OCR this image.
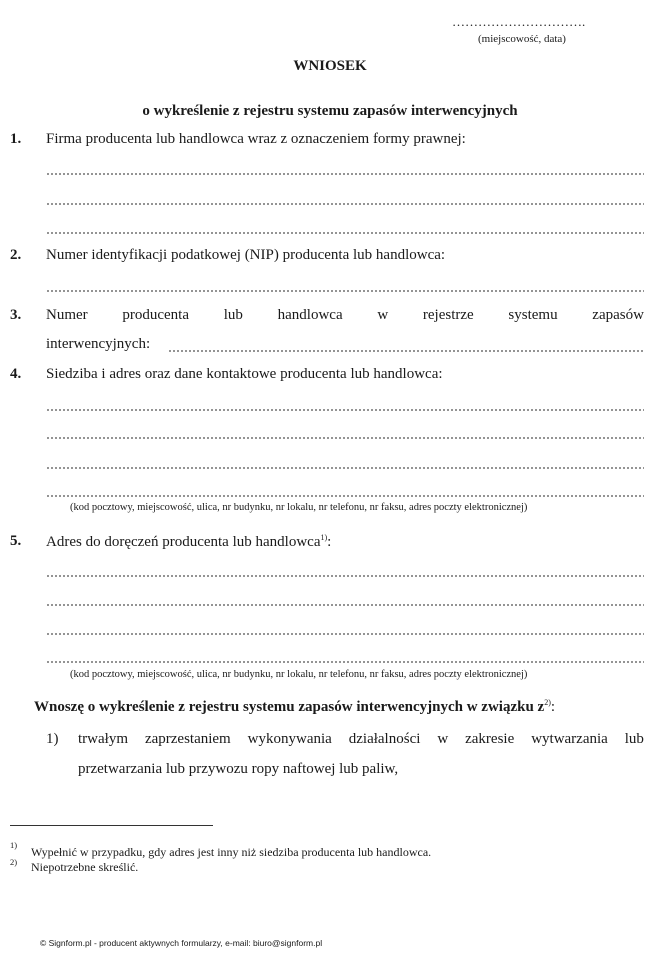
………………………….
(miejscowość, data)
WNIOSEK
o wykreślenie z rejestru systemu zapasów interwencyjnych
1. Firma producenta lub handlowca wraz z oznaczeniem formy prawnej:
2. Numer identyfikacji podatkowej (NIP) producenta lub handlowca:
3. Numer producenta lub handlowca w rejestrze systemu zapasów
interwencyjnych:
4. Siedziba i adres oraz dane kontaktowe producenta lub handlowca:
(kod pocztowy, miejscowość, ulica, nr budynku, nr lokalu, nr telefonu, nr faksu, adres poczty elektronicznej)
5. Adres do doręczeń producenta lub handlowca$^{1)}$:
(kod pocztowy, miejscowość, ulica, nr budynku, nr lokalu, nr telefonu, nr faksu, adres poczty elektronicznej)
Wnoszę o wykreślenie z rejestru systemu zapasów interwencyjnych w związku $z^{2)}$:
1) trwałym zaprzestaniem wykonywania działalności w zakresie wytwarzania lub
przetwarzania lub przywozu ropy naftowej lub paliw,
1) Wypełnić w przypadku, gdy adres jest inny niż siedziba producenta lub handlowca.
2) Niepotrzebne skreślić.
© Signform.pl - producent aktywnych formularzy, e-mail: biuro@signform.pl
